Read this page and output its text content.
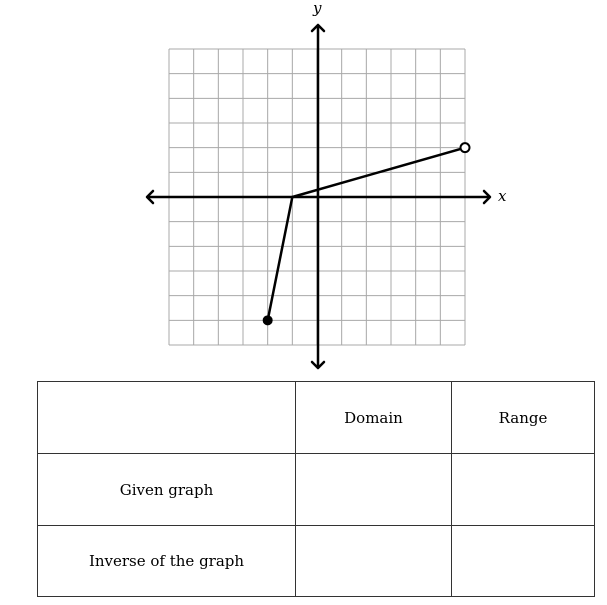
x
y
	Domain	Range
Given graph		
Inverse of the graph		
